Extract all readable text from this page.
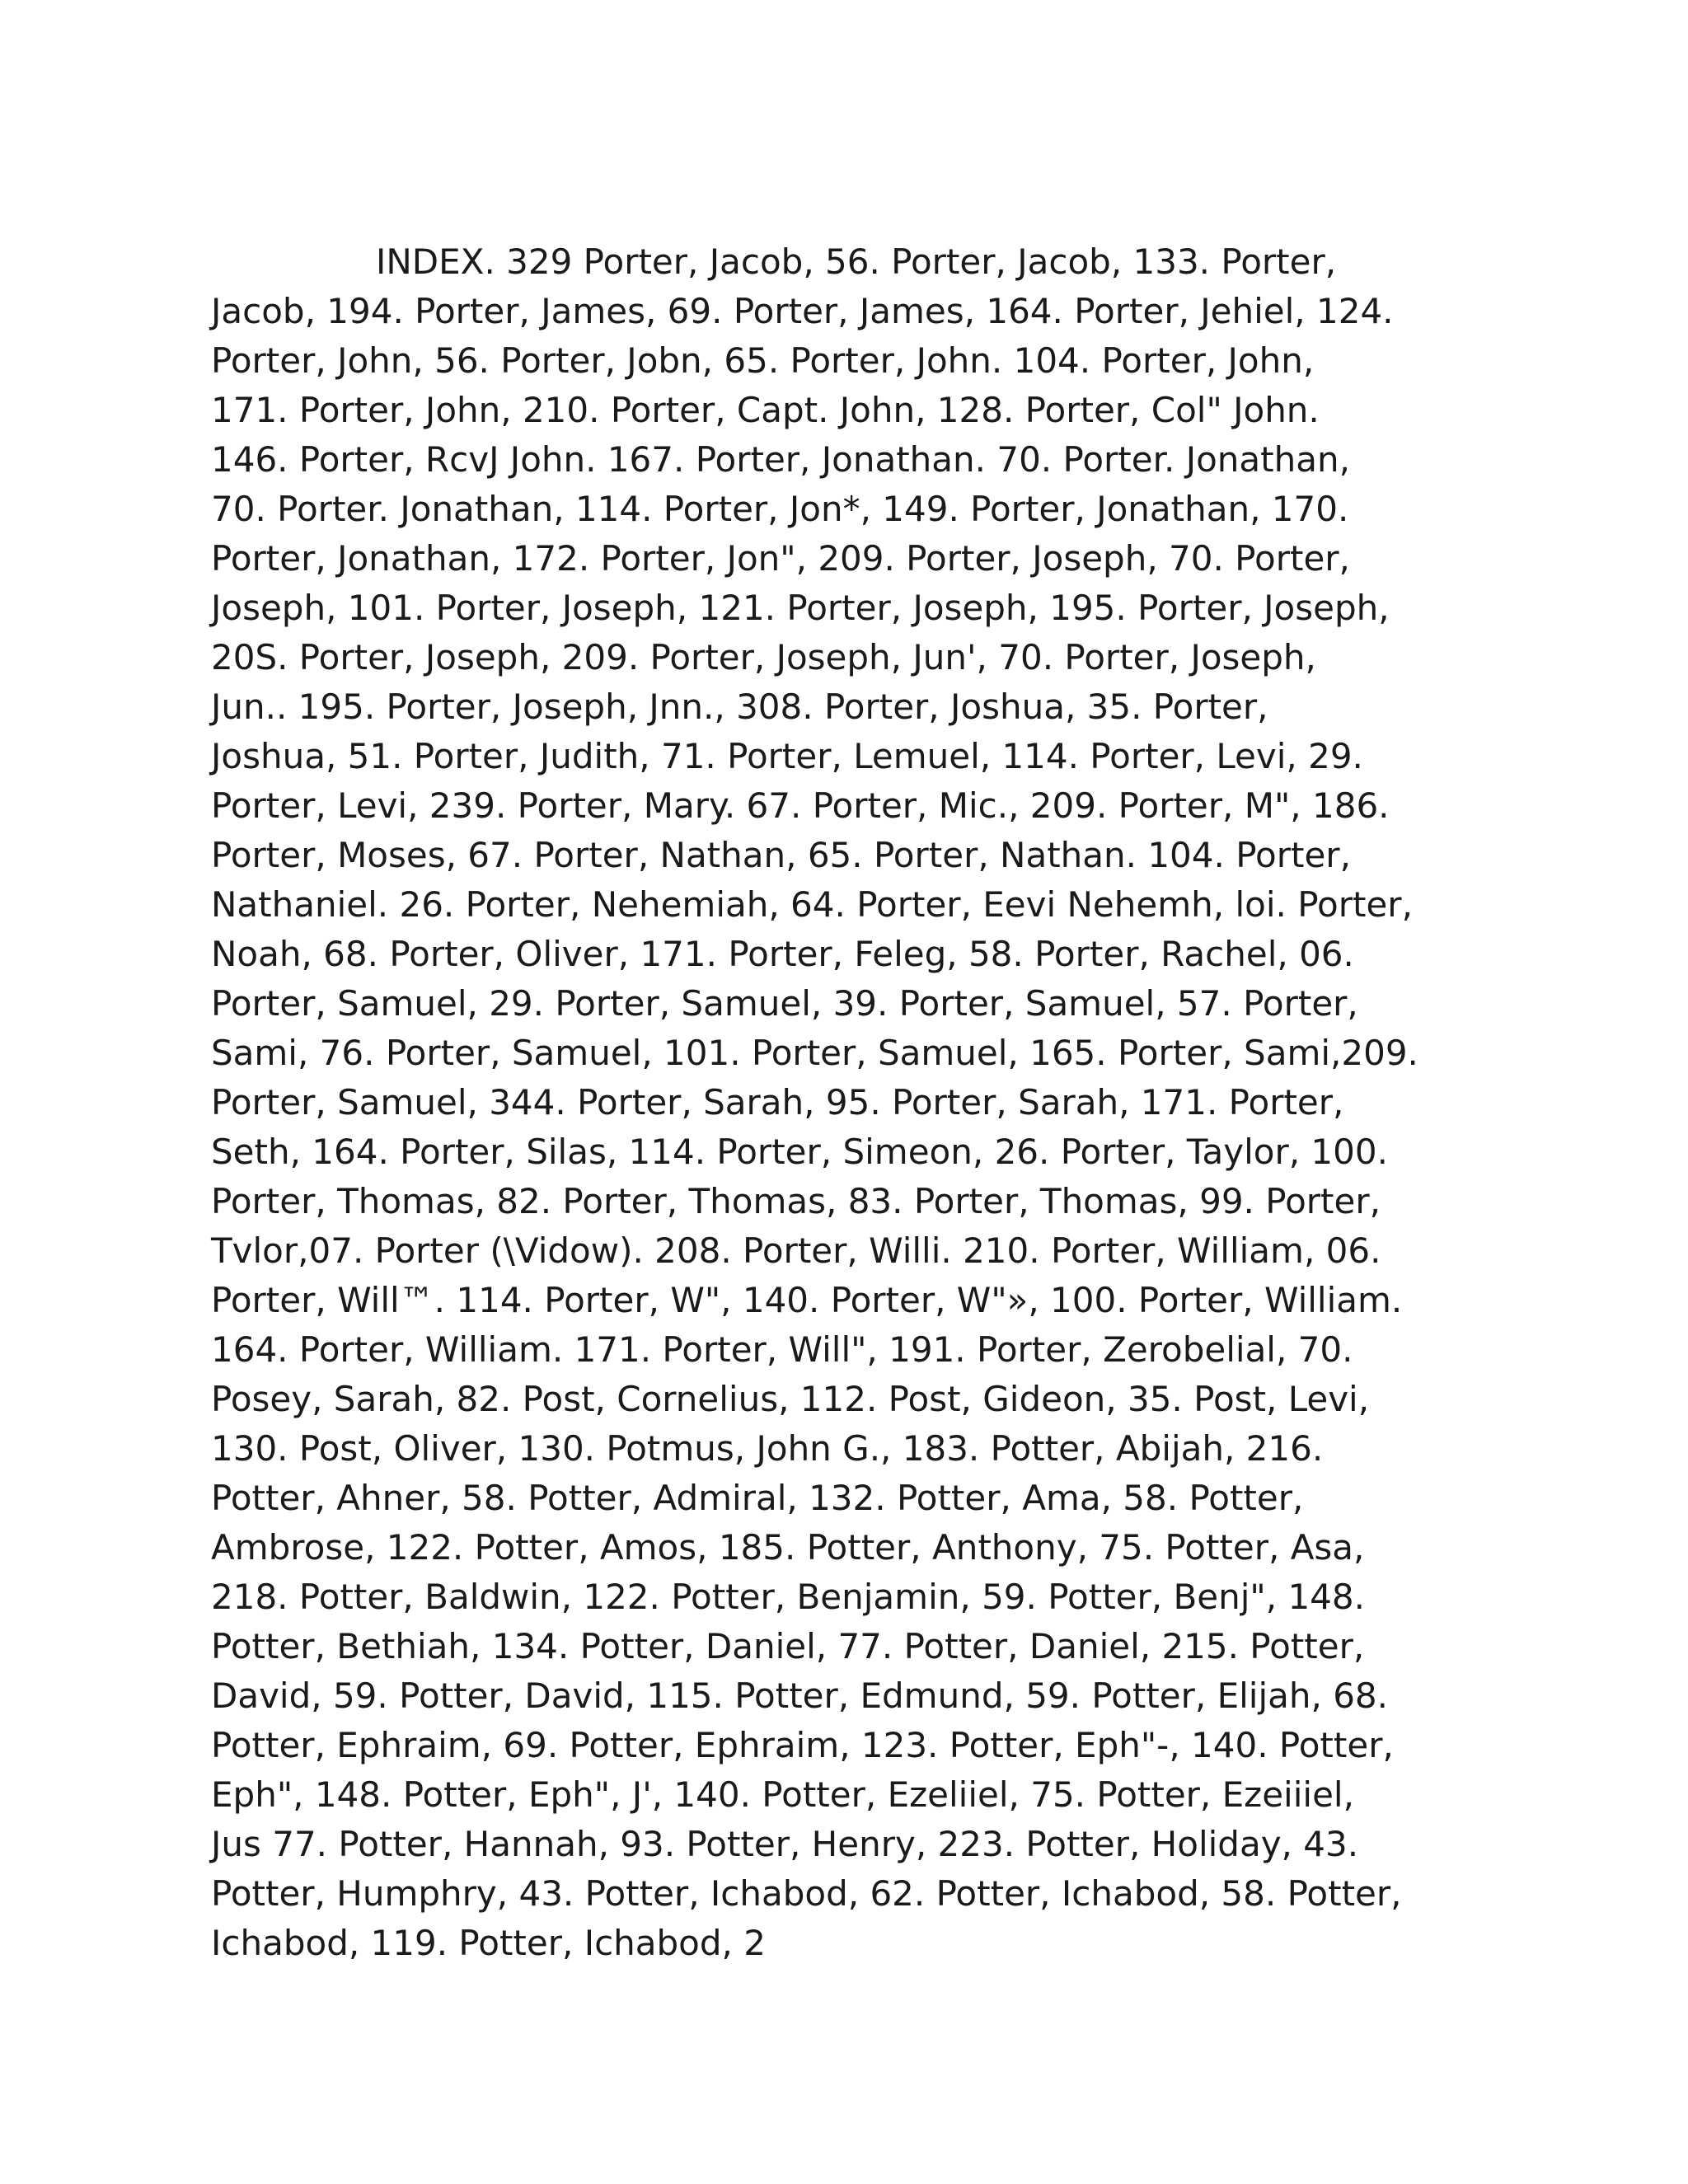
INDEX. 329 Porter, Jacob, 56. Porter, Jacob, 133. Porter,
Jacob, 194. Porter, James, 69. Porter, James, 164. Porter, Jehiel, 124.
Porter, John, 56. Porter, Jobn, 65. Porter, John. 104. Porter, John,
171. Porter, John, 210. Porter, Capt. John, 128. Porter, Col" John.
146. Porter, RcvJ John. 167. Porter, Jonathan. 70. Porter. Jonathan,
70. Porter. Jonathan, 114. Porter, Jon*, 149. Porter, Jonathan, 170.
Porter, Jonathan, 172. Porter, Jon", 209. Porter, Joseph, 70. Porter,
Joseph, 101. Porter, Joseph, 121. Porter, Joseph, 195. Porter, Joseph,
20S. Porter, Joseph, 209. Porter, Joseph, Jun', 70. Porter, Joseph,
Jun.. 195. Porter, Joseph, Jnn., 308. Porter, Joshua, 35. Porter,
Joshua, 51. Porter, Judith, 71. Porter, Lemuel, 114. Porter, Levi, 29.
Porter, Levi, 239. Porter, Mary. 67. Porter, Mic., 209. Porter, M", 186.
Porter, Moses, 67. Porter, Nathan, 65. Porter, Nathan. 104. Porter,
Nathaniel. 26. Porter, Nehemiah, 64. Porter, Eevi Nehemh, loi. Porter,
Noah, 68. Porter, Oliver, 171. Porter, Feleg, 58. Porter, Rachel, 06.
Porter, Samuel, 29. Porter, Samuel, 39. Porter, Samuel, 57. Porter,
Sami, 76. Porter, Samuel, 101. Porter, Samuel, 165. Porter, Sami,209.
Porter, Samuel, 344. Porter, Sarah, 95. Porter, Sarah, 171. Porter,
Seth, 164. Porter, Silas, 114. Porter, Simeon, 26. Porter, Taylor, 100.
Porter, Thomas, 82. Porter, Thomas, 83. Porter, Thomas, 99. Porter,
Tvlor,07. Porter (\Vidow). 208. Porter, Willi. 210. Porter, William, 06.
Porter, Will™. 114. Porter, W", 140. Porter, W"», 100. Porter, William.
164. Porter, William. 171. Porter, Will", 191. Porter, Zerobelial, 70.
Posey, Sarah, 82. Post, Cornelius, 112. Post, Gideon, 35. Post, Levi,
130. Post, Oliver, 130. Potmus, John G., 183. Potter, Abijah, 216.
Potter, Ahner, 58. Potter, Admiral, 132. Potter, Ama, 58. Potter,
Ambrose, 122. Potter, Amos, 185. Potter, Anthony, 75. Potter, Asa,
218. Potter, Baldwin, 122. Potter, Benjamin, 59. Potter, Benj", 148.
Potter, Bethiah, 134. Potter, Daniel, 77. Potter, Daniel, 215. Potter,
David, 59. Potter, David, 115. Potter, Edmund, 59. Potter, Elijah, 68.
Potter, Ephraim, 69. Potter, Ephraim, 123. Potter, Eph"-, 140. Potter,
Eph", 148. Potter, Eph", J', 140. Potter, Ezeliiel, 75. Potter, Ezeiiiel,
Jus 77. Potter, Hannah, 93. Potter, Henry, 223. Potter, Holiday, 43.
Potter, Humphry, 43. Potter, Ichabod, 62. Potter, Ichabod, 58. Potter,
Ichabod, 119. Potter, Ichabod, 2
